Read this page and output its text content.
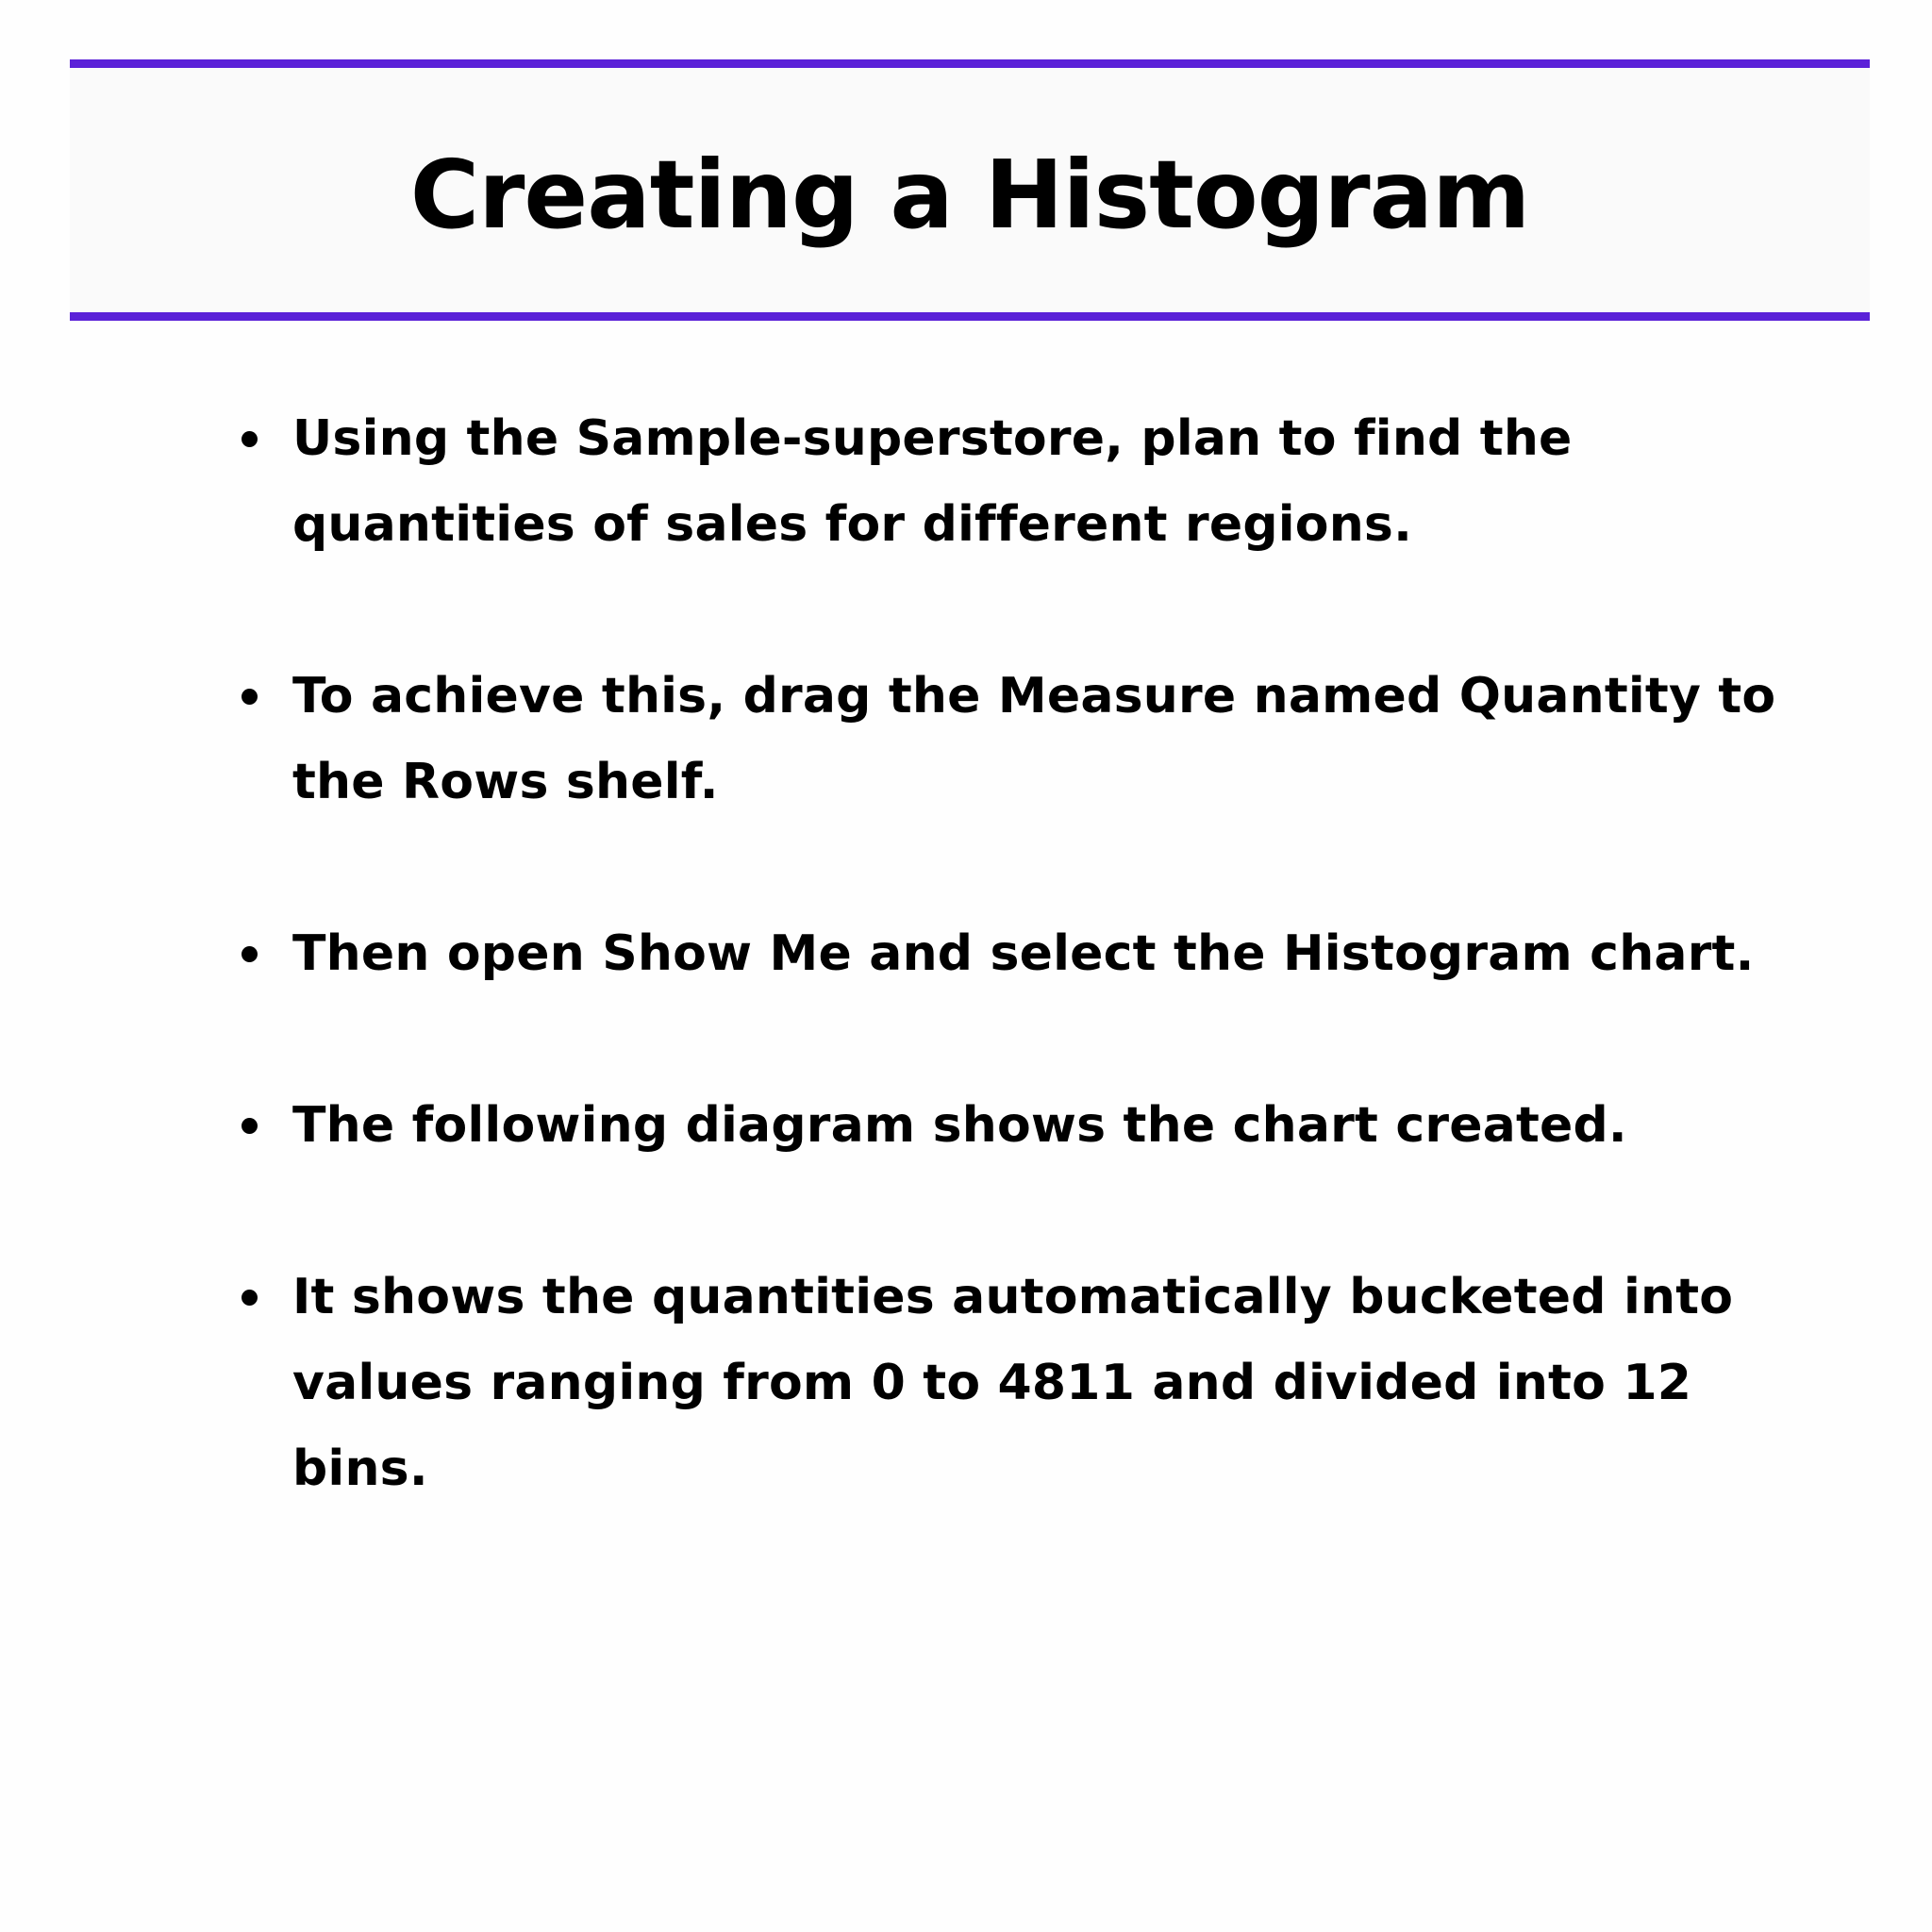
Creating a Histogram
Using the Sample-superstore, plan to find the quantities of sales for different regions.
To achieve this, drag the Measure named Quantity to the Rows shelf.
Then open Show Me and select the Histogram chart.
The following diagram shows the chart created.
It shows the quantities automatically bucketed into values ranging from 0 to 4811 and divided into 12 bins.
